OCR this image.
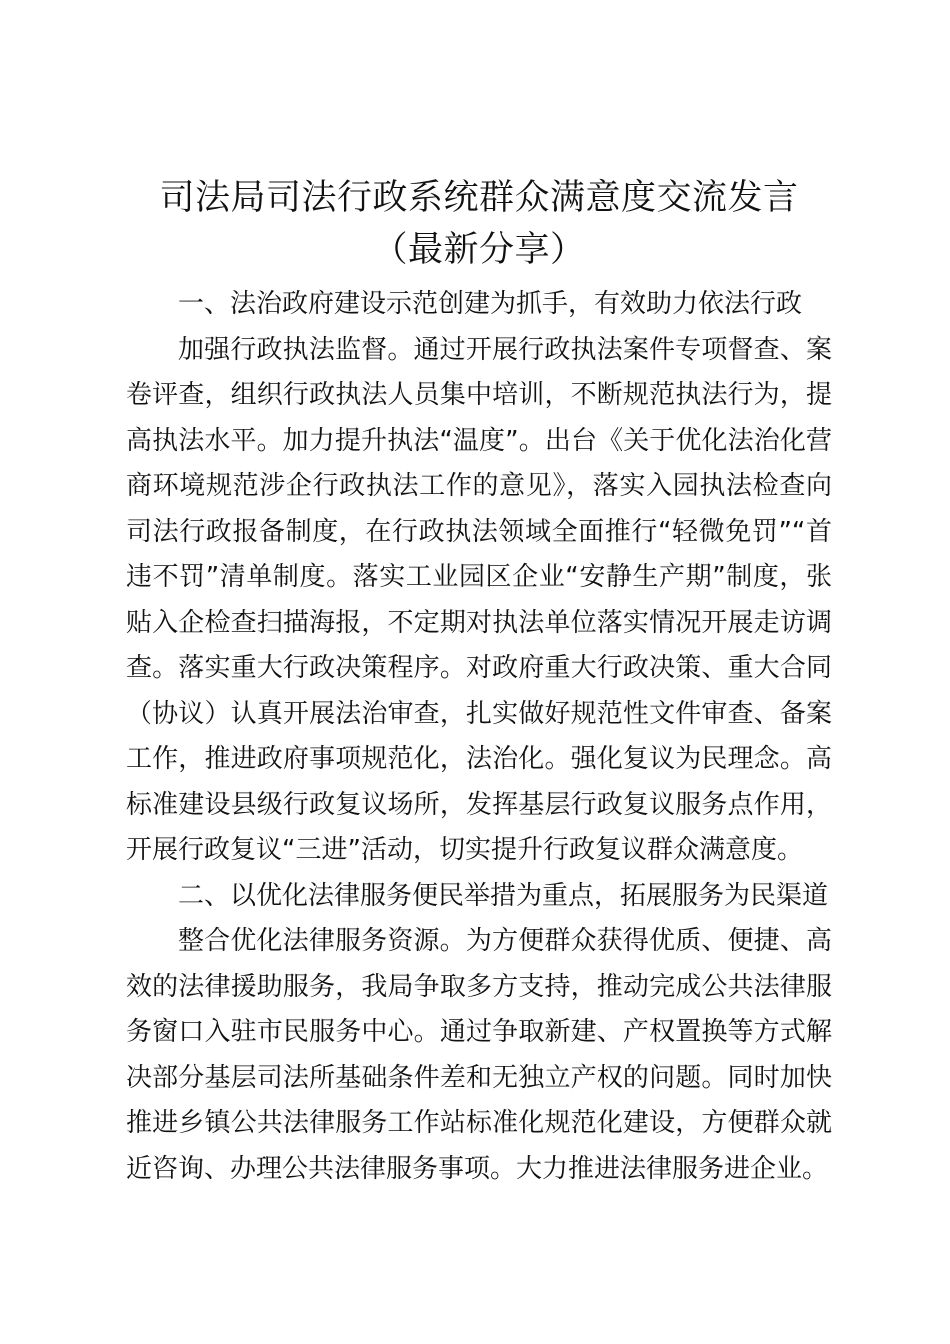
司法局司法行政系统群众满意度交流发言（最新分享）

一、法治政府建设示范创建为抓手，有效助力依法行政

加强行政执法监督。通过开展行政执法案件专项督查、案卷评查，组织行政执法人员集中培训，不断规范执法行为，提高执法水平。加力提升执法“温度”。出台《关于优化法治化营商环境规范涉企行政执法工作的意见》，落实入园执法检查向司法行政报备制度，在行政执法领域全面推行“轻微免罚”“首违不罚”清单制度。落实工业园区企业“安静生产期”制度，张贴入企检查扫描海报，不定期对执法单位落实情况开展走访调查。落实重大行政决策程序。对政府重大行政决策、重大合同（协议）认真开展法治审查，扎实做好规范性文件审查、备案工作，推进政府事项规范化，法治化。强化复议为民理念。高标准建设县级行政复议场所，发挥基层行政复议服务点作用，开展行政复议“三进”活动，切实提升行政复议群众满意度。

二、以优化法律服务便民举措为重点，拓展服务为民渠道

整合优化法律服务资源。为方便群众获得优质、便捷、高效的法律援助服务，我局争取多方支持，推动完成公共法律服务窗口入驻市民服务中心。通过争取新建、产权置换等方式解决部分基层司法所基础条件差和无独立产权的问题。同时加快推进乡镇公共法律服务工作站标准化规范化建设，方便群众就近咨询、办理公共法律服务事项。大力推进法律服务进企业。
